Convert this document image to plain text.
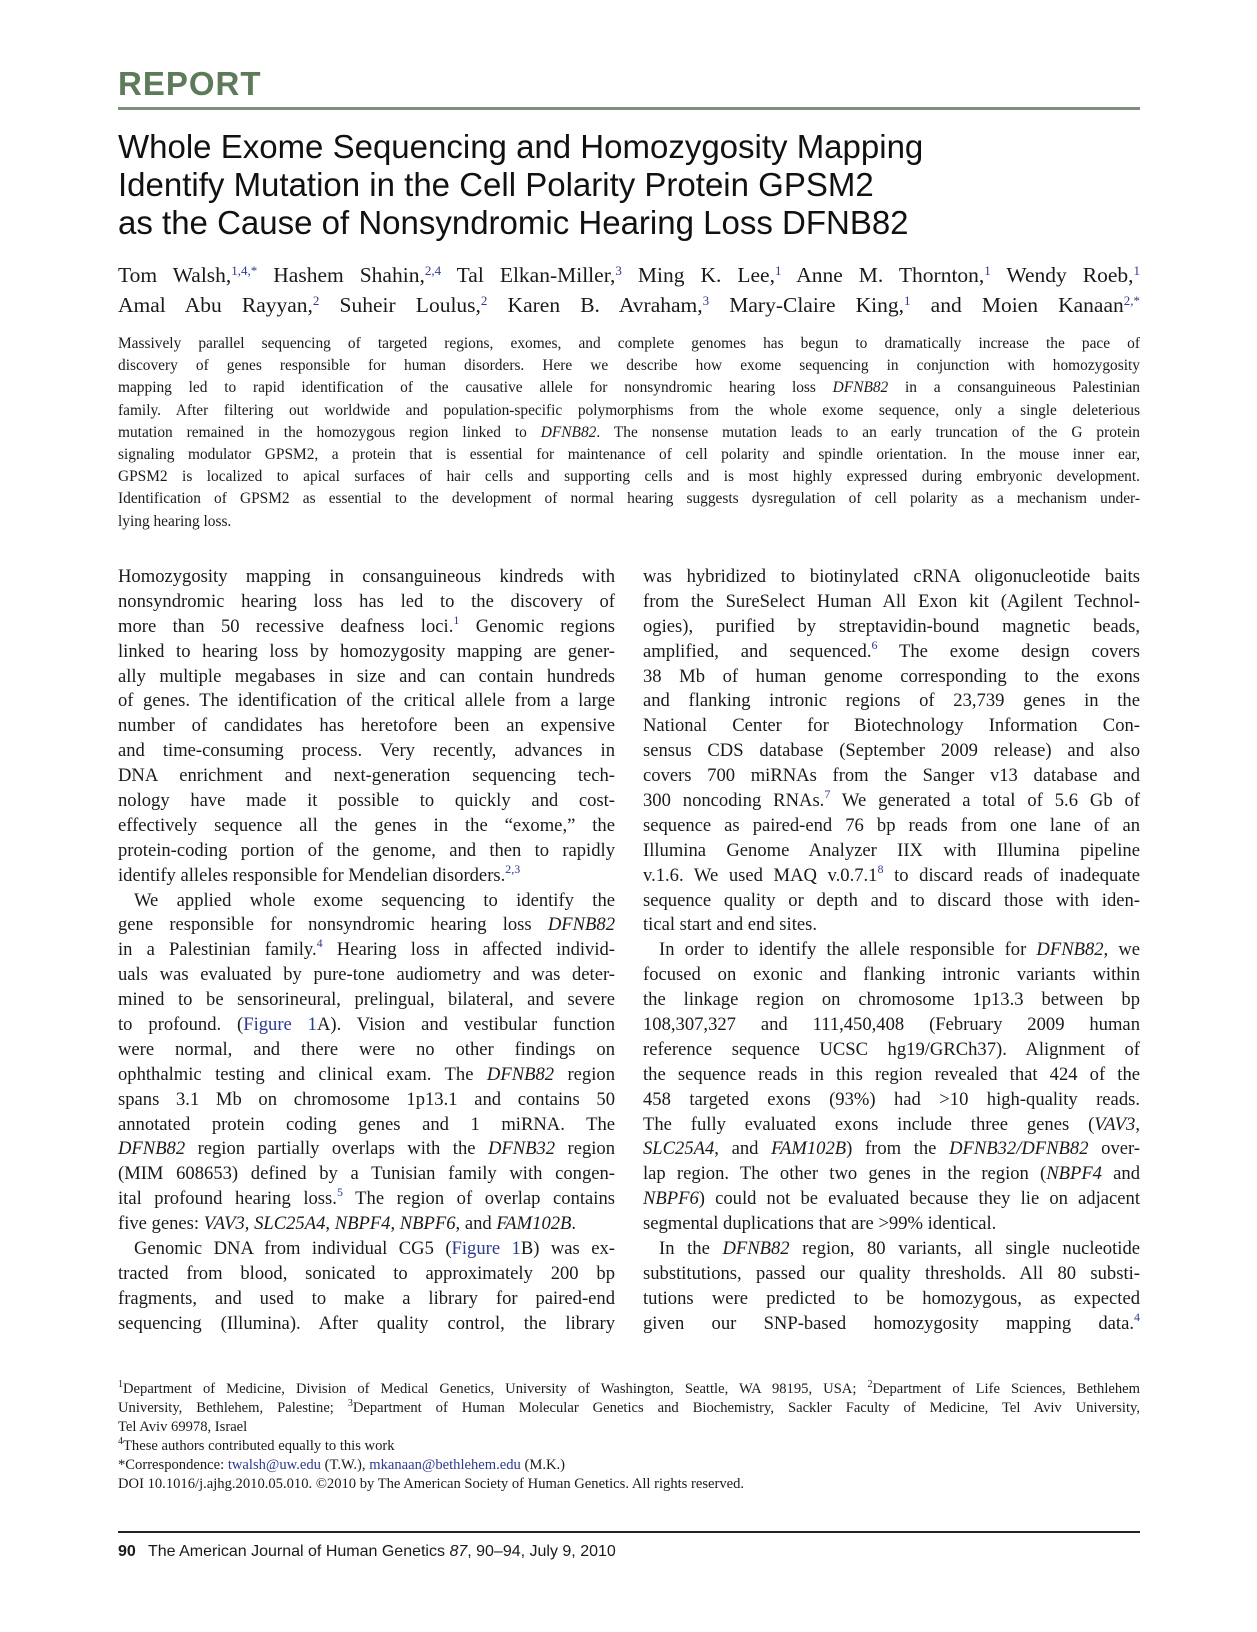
REPORT
Whole Exome Sequencing and Homozygosity Mapping
Identify Mutation in the Cell Polarity Protein GPSM2
as the Cause of Nonsyndromic Hearing Loss DFNB82
Tom Walsh,$^{1,4,*}$ Hashem Shahin,$^{2,4}$ Tal Elkan-Miller,$^3$ Ming K. Lee,$^1$ Anne M. Thornton,$^1$ Wendy Roeb,$^1$
Amal Abu Rayyan,$^2$ Suheir Loulus,$^2$ Karen B. Avraham,$^3$ Mary-Claire King,$^1$ and Moien Kanaan$^{2,*}$
Massively parallel sequencing of targeted regions, exomes, and complete genomes has begun to dramatically increase the pace of
discovery of genes responsible for human disorders. Here we describe how exome sequencing in conjunction with homozygosity
mapping led to rapid identification of the causative allele for nonsyndromic hearing loss DFNB82 in a consanguineous Palestinian
family. After filtering out worldwide and population-specific polymorphisms from the whole exome sequence, only a single deleterious
mutation remained in the homozygous region linked to DFNB82. The nonsense mutation leads to an early truncation of the G protein
signaling modulator GPSM2, a protein that is essential for maintenance of cell polarity and spindle orientation. In the mouse inner ear,
GPSM2 is localized to apical surfaces of hair cells and supporting cells and is most highly expressed during embryonic development.
Identification of GPSM2 as essential to the development of normal hearing suggests dysregulation of cell polarity as a mechanism under-
lying hearing loss.
Homozygosity mapping in consanguineous kindreds with
nonsyndromic hearing loss has led to the discovery of
more than 50 recessive deafness loci.$^1$ Genomic regions
linked to hearing loss by homozygosity mapping are gener-
ally multiple megabases in size and can contain hundreds
of genes. The identification of the critical allele from a large
number of candidates has heretofore been an expensive
and time-consuming process. Very recently, advances in
DNA enrichment and next-generation sequencing tech-
nology have made it possible to quickly and cost-
effectively sequence all the genes in the “exome,” the
protein-coding portion of the genome, and then to rapidly
identify alleles responsible for Mendelian disorders.$^{2,3}$
We applied whole exome sequencing to identify the
gene responsible for nonsyndromic hearing loss DFNB82
in a Palestinian family.$^4$ Hearing loss in affected individ-
uals was evaluated by pure-tone audiometry and was deter-
mined to be sensorineural, prelingual, bilateral, and severe
to profound. (Figure 1A). Vision and vestibular function
were normal, and there were no other findings on
ophthalmic testing and clinical exam. The DFNB82 region
spans 3.1 Mb on chromosome 1p13.1 and contains 50
annotated protein coding genes and 1 miRNA. The
DFNB82 region partially overlaps with the DFNB32 region
(MIM 608653) defined by a Tunisian family with congen-
ital profound hearing loss.$^5$ The region of overlap contains
five genes: VAV3, SLC25A4, NBPF4, NBPF6, and FAM102B.
Genomic DNA from individual CG5 (Figure 1B) was ex-
tracted from blood, sonicated to approximately 200 bp
fragments, and used to make a library for paired-end
sequencing (Illumina). After quality control, the library
was hybridized to biotinylated cRNA oligonucleotide baits
from the SureSelect Human All Exon kit (Agilent Technol-
ogies), purified by streptavidin-bound magnetic beads,
amplified, and sequenced.$^6$ The exome design covers
38 Mb of human genome corresponding to the exons
and flanking intronic regions of 23,739 genes in the
National Center for Biotechnology Information Con-
sensus CDS database (September 2009 release) and also
covers 700 miRNAs from the Sanger v13 database and
300 noncoding RNAs.$^7$ We generated a total of 5.6 Gb of
sequence as paired-end 76 bp reads from one lane of an
Illumina Genome Analyzer IIX with Illumina pipeline
v.1.6. We used MAQ v.0.7.1$^8$ to discard reads of inadequate
sequence quality or depth and to discard those with iden-
tical start and end sites.
In order to identify the allele responsible for DFNB82, we
focused on exonic and flanking intronic variants within
the linkage region on chromosome 1p13.3 between bp
108,307,327 and 111,450,408 (February 2009 human
reference sequence UCSC hg19/GRCh37). Alignment of
the sequence reads in this region revealed that 424 of the
458 targeted exons (93%) had >10 high-quality reads.
The fully evaluated exons include three genes (VAV3,
SLC25A4, and FAM102B) from the DFNB32/DFNB82 over-
lap region. The other two genes in the region (NBPF4 and
NBPF6) could not be evaluated because they lie on adjacent
segmental duplications that are >99% identical.
In the DFNB82 region, 80 variants, all single nucleotide
substitutions, passed our quality thresholds. All 80 substi-
tutions were predicted to be homozygous, as expected
given our SNP-based homozygosity mapping data.$^4$
$^1$Department of Medicine, Division of Medical Genetics, University of Washington, Seattle, WA 98195, USA; $^2$Department of Life Sciences, Bethlehem
University, Bethlehem, Palestine; $^3$Department of Human Molecular Genetics and Biochemistry, Sackler Faculty of Medicine, Tel Aviv University,
Tel Aviv 69978, Israel
$^4$These authors contributed equally to this work
*Correspondence: twalsh@uw.edu (T.W.), mkanaan@bethlehem.edu (M.K.)
DOI 10.1016/j.ajhg.2010.05.010. ©2010 by The American Society of Human Genetics. All rights reserved.
90 The American Journal of Human Genetics 87, 90–94, July 9, 2010
